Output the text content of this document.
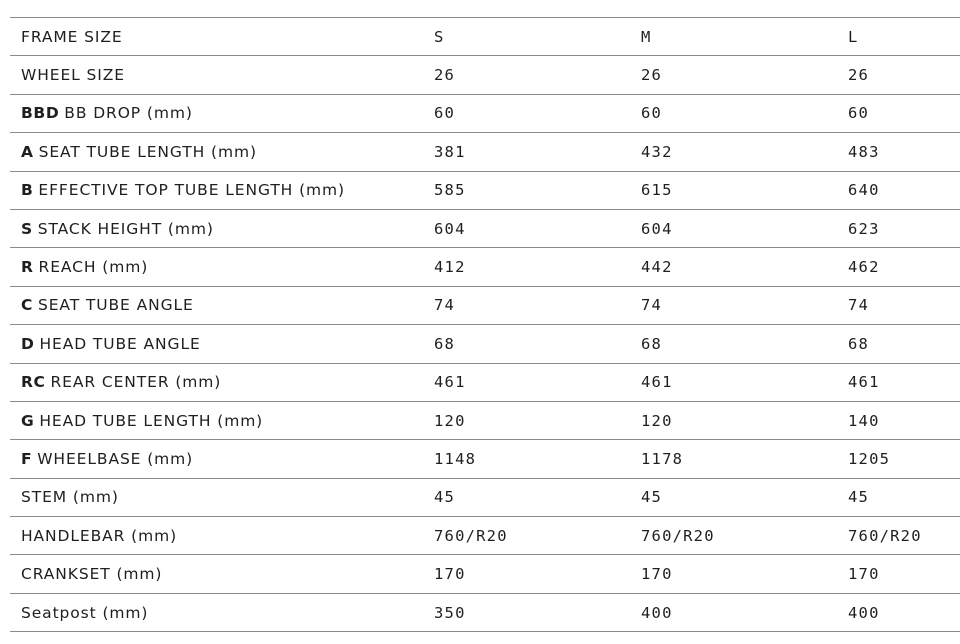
FRAME SIZE	S	M	L
WHEEL SIZE	26	26	26
BBD BB DROP (mm)	60	60	60
A SEAT TUBE LENGTH (mm)	381	432	483
B EFFECTIVE TOP TUBE LENGTH (mm)	585	615	640
S STACK HEIGHT (mm)	604	604	623
R REACH (mm)	412	442	462
C SEAT TUBE ANGLE	74	74	74
D HEAD TUBE ANGLE	68	68	68
RC REAR CENTER (mm)	461	461	461
G HEAD TUBE LENGTH (mm)	120	120	140
F WHEELBASE (mm)	1148	1178	1205
STEM (mm)	45	45	45
HANDLEBAR (mm)	760/R20	760/R20	760/R20
CRANKSET (mm)	170	170	170
Seatpost (mm)	350	400	400
